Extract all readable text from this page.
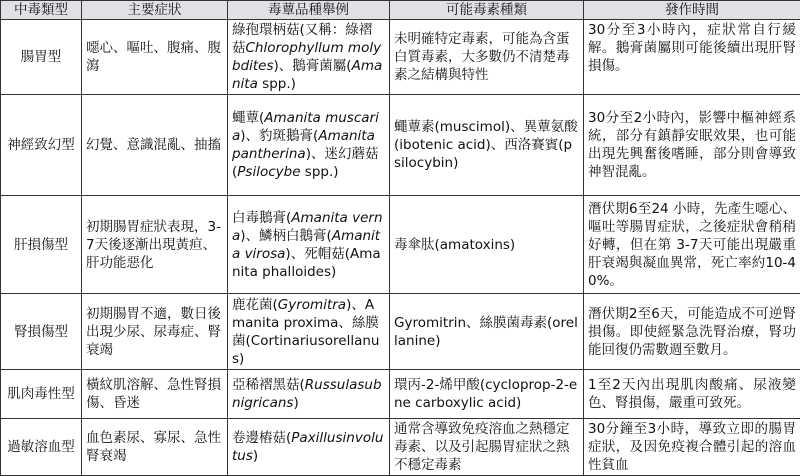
中毒類型	主要症狀	毒蕈品種舉例	可能毒素種類	發作時間
腸胃型	噁心、嘔吐、腹痛、腹瀉	綠孢環柄菇(又稱：綠褶菇Chlorophyllum molybdites)、鵝膏菌屬(Amanita spp.)	未明確特定毒素，可能為含蛋白質毒素，大多數仍不清楚毒素之結構與特性	30分至3小時內，症狀常自行緩解。鵝膏菌屬則可能後續出現肝腎損傷。
神經致幻型	幻覺、意識混亂、抽搐	蠅蕈(Amanita muscaria)、豹斑鵝膏(Amanita pantherina)、迷幻蘑菇(Psilocybe spp.)	蠅蕈素(muscimol)、異蕈氨酸(ibotenic acid)、西洛賽賓(psilocybin)	30分至2小時內，影響中樞神經系統，部分有鎮靜安眠效果，也可能出現先興奮後嗜睡，部分則會導致神智混亂。
肝損傷型	初期腸胃症狀表現，3-7天後逐漸出現黃疸、肝功能惡化	白毒鵝膏(Amanita verna)、鱗柄白鵝膏(Amanita virosa)、死帽菇(Amanita phalloides)	毒傘肽(amatoxins)	潛伏期6至24 小時，先產生噁心、嘔吐等腸胃症狀，之後症狀會稍稍好轉，但在第 3-7天可能出現嚴重肝衰竭與凝血異常，死亡率約10-40%。
腎損傷型	初期腸胃不適，數日後出現少尿、尿毒症、腎衰竭	鹿花菌(Gyromitra)、Amanita proxima、絲膜菌(Cortinariusorellanus)	Gyromitrin、絲膜菌毒素(orellanine)	潛伏期2至6天，可能造成不可逆腎損傷。即使經緊急洗腎治療，腎功能回復仍需數週至數月。
肌肉毒性型	橫紋肌溶解、急性腎損傷、昏迷	亞稀褶黑菇(Russulasubnigricans)	環丙-2-烯甲酸(cycloprop-2-ene carboxylic acid)	1至2天內出現肌肉酸痛、尿液變色、腎損傷，嚴重可致死。
過敏溶血型	血色素尿、寡尿、急性腎衰竭	卷邊樁菇(Paxillusinvolutus)	通常含導致免疫溶血之熱穩定毒素、以及引起腸胃症狀之熱不穩定毒素	30分鐘至3小時，導致立即的腸胃症狀，及因免疫複合體引起的溶血性貧血
